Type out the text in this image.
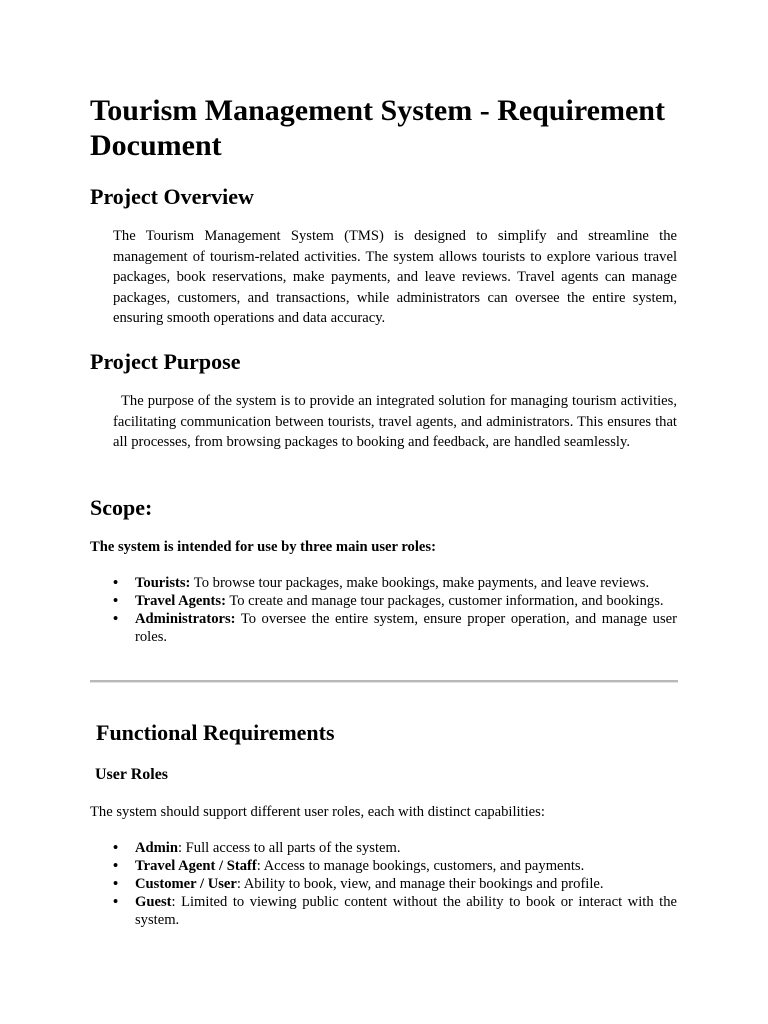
Tourism Management System - Requirement Document
Project Overview

The Tourism Management System (TMS) is designed to simplify and streamline the management of tourism-related activities. The system allows tourists to explore various travel packages, book reservations, make payments, and leave reviews. Travel agents can manage packages, customers, and transactions, while administrators can oversee the entire system, ensuring smooth operations and data accuracy.

Project Purpose

The purpose of the system is to provide an integrated solution for managing tourism activities, facilitating communication between tourists, travel agents, and administrators. This ensures that all processes, from browsing packages to booking and feedback, are handled seamlessly.

Scope:

The system is intended for use by three main user roles:

• Tourists: To browse tour packages, make bookings, make payments, and leave reviews.
• Travel Agents: To create and manage tour packages, customer information, and bookings.
• Administrators: To oversee the entire system, ensure proper operation, and manage user roles.
Functional Requirements
User Roles

The system should support different user roles, each with distinct capabilities:

• Admin: Full access to all parts of the system.
• Travel Agent / Staff: Access to manage bookings, customers, and payments.
• Customer / User: Ability to book, view, and manage their bookings and profile.
• Guest: Limited to viewing public content without the ability to book or interact with the system.
